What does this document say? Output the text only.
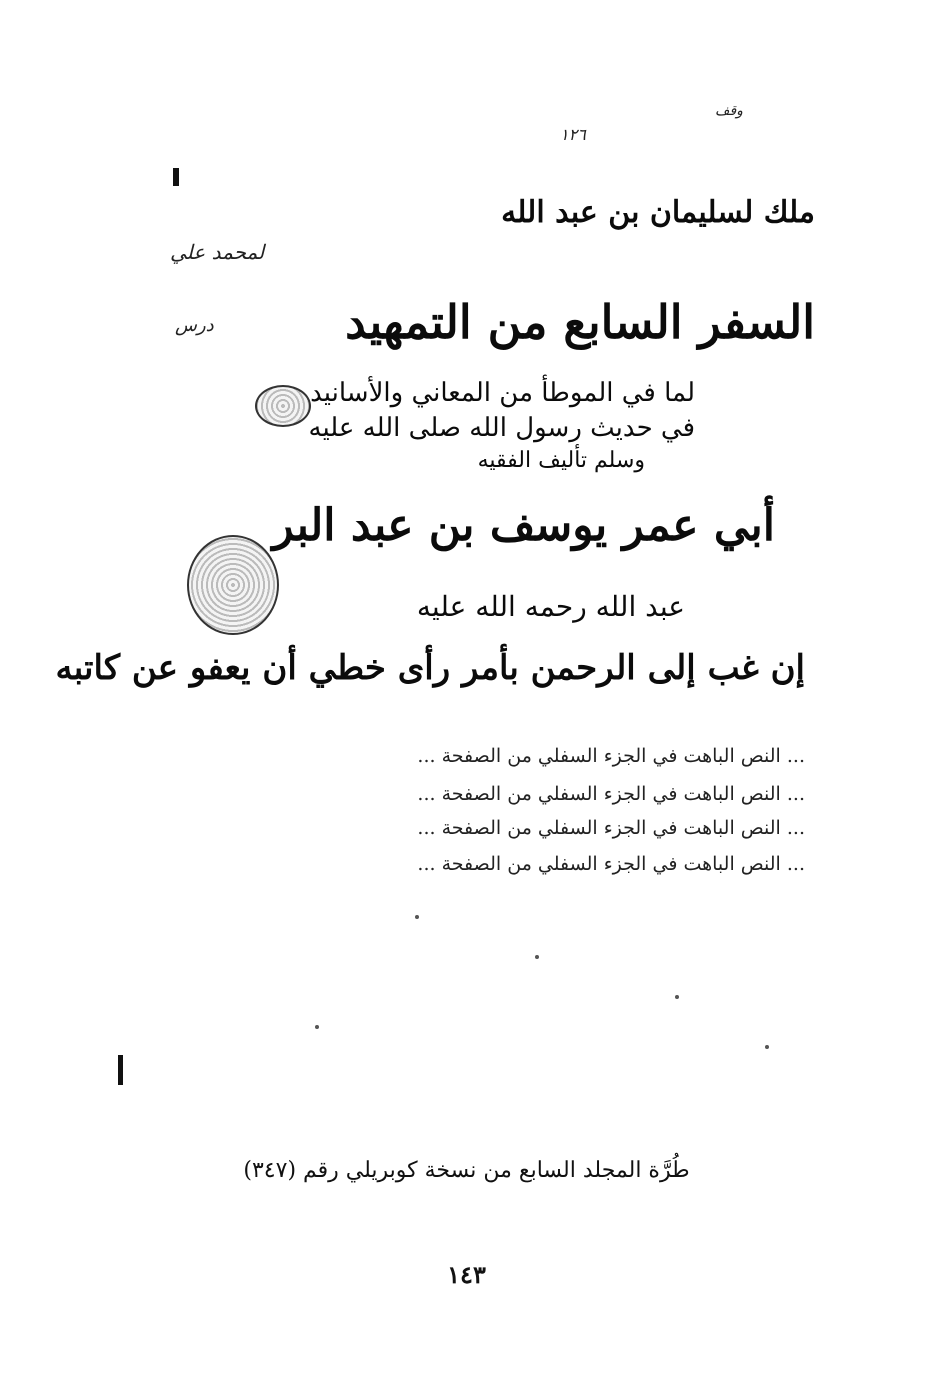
وقف
١٢٦
ملك لسليمان بن عبد الله
لمحمد علي
درس	السفر السابع من التمهيد
لما في الموطأ من المعاني والأسانيد
في حديث رسول الله صلى الله عليه
وسلم تأليف الفقيه
أبي عمر يوسف بن عبد البر
عبد الله رحمه الله عليه
إن غب إلى الرحمن بأمر رأى خطي أن يعفو عن كاتبه
... النص الباهت في الجزء السفلي من الصفحة ...
... النص الباهت في الجزء السفلي من الصفحة ...
... النص الباهت في الجزء السفلي من الصفحة ...
... النص الباهت في الجزء السفلي من الصفحة ...
طُرَّة المجلد السابع من نسخة كوبريلي رقم (٣٤٧)
١٤٣
